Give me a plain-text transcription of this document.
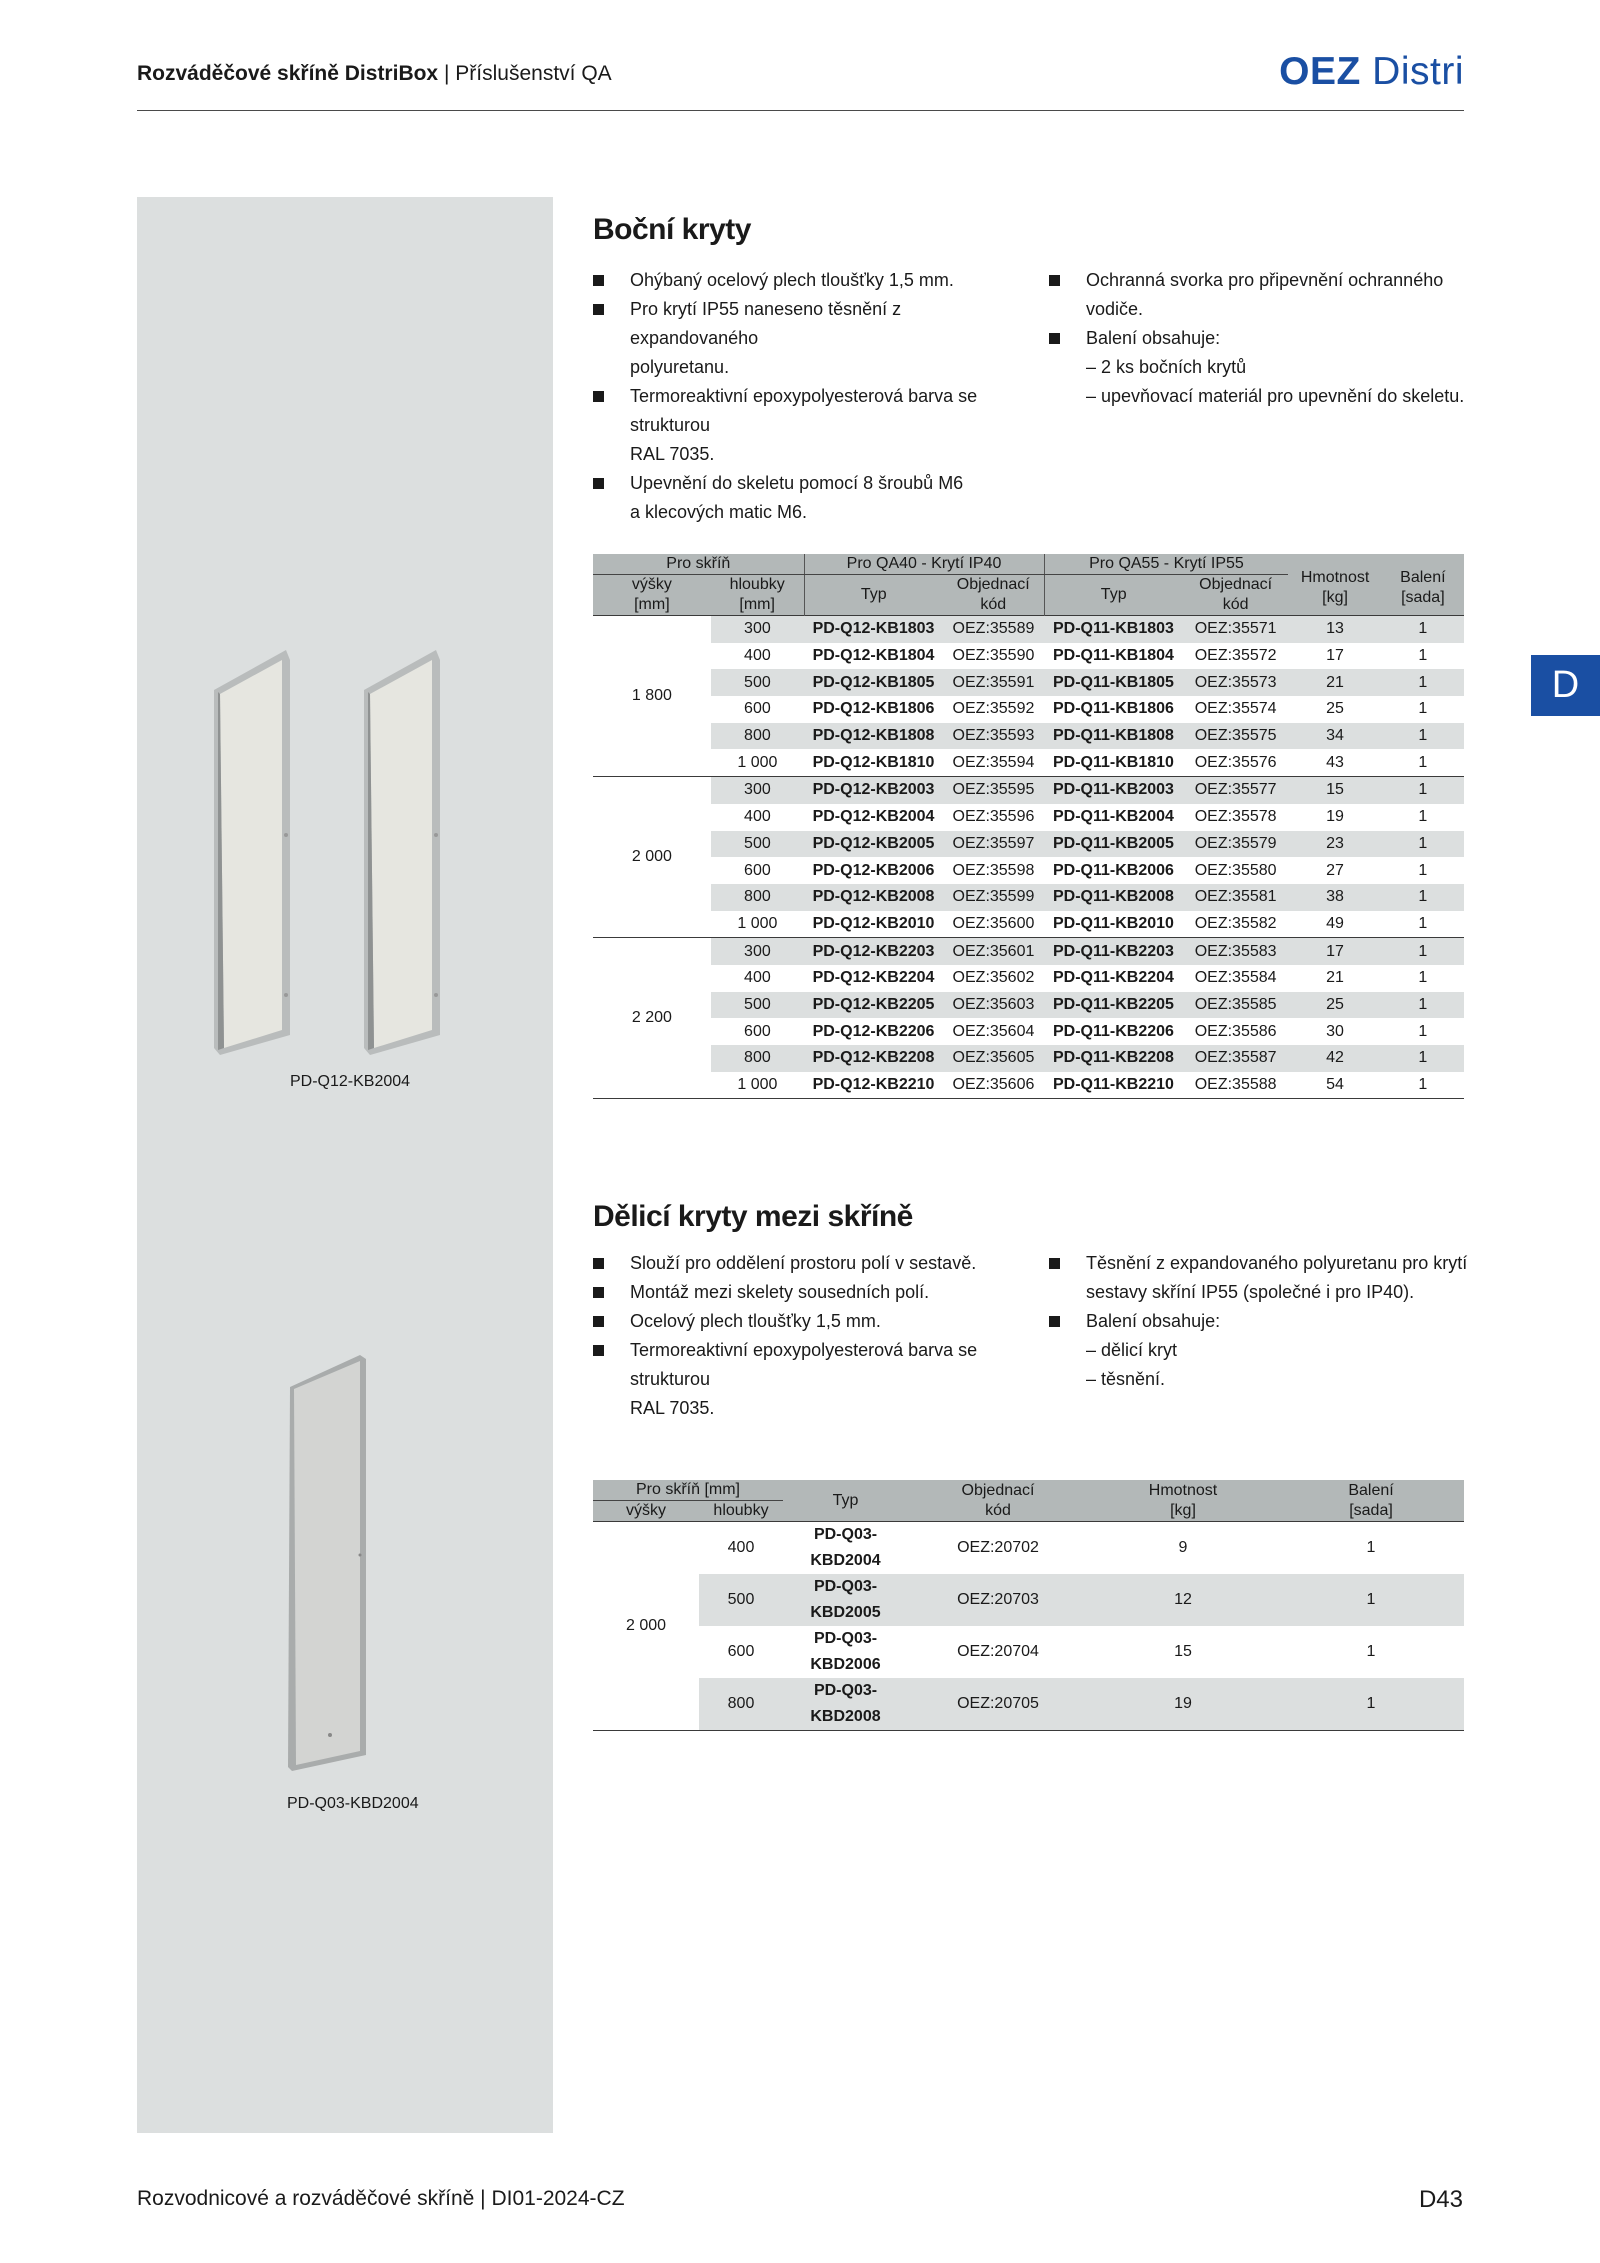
Rozváděčové skříně DistriBox | Příslušenství QA	OEZ Distri
PD-Q12-KB2004
PD-Q03-KBD2004
D
Boční kryty
Ohýbaný ocelový plech tloušťky 1,5 mm.
Pro krytí IP55 naneseno těsnění z expandovaného
polyuretanu.
Termoreaktivní epoxypolyesterová barva se strukturou
RAL 7035.
Upevnění do skeletu pomocí 8 šroubů M6
a klecových matic M6.
Ochranná svorka pro připevnění ochranného vodiče.
Balení obsahuje:
– 2 ks bočních krytů
– upevňovací materiál pro upevnění do skeletu.
Pro skříň		Pro QA40 - Krytí IP40		Pro QA55 - Krytí IP55		Hmotnost
[kg]	Balení
[sada]
výšky	hloubky	Typ	Objednací	Typ	Objednací		
[mm]	[mm]		kód		kód		
1 800	300	PD-Q12-KB1803	OEZ:35589	PD-Q11-KB1803	OEZ:35571	13	1
	400	PD-Q12-KB1804	OEZ:35590	PD-Q11-KB1804	OEZ:35572	17	1
	500	PD-Q12-KB1805	OEZ:35591	PD-Q11-KB1805	OEZ:35573	21	1
	600	PD-Q12-KB1806	OEZ:35592	PD-Q11-KB1806	OEZ:35574	25	1
	800	PD-Q12-KB1808	OEZ:35593	PD-Q11-KB1808	OEZ:35575	34	1
	1 000	PD-Q12-KB1810	OEZ:35594	PD-Q11-KB1810	OEZ:35576	43	1
2 000	300	PD-Q12-KB2003	OEZ:35595	PD-Q11-KB2003	OEZ:35577	15	1
	400	PD-Q12-KB2004	OEZ:35596	PD-Q11-KB2004	OEZ:35578	19	1
	500	PD-Q12-KB2005	OEZ:35597	PD-Q11-KB2005	OEZ:35579	23	1
	600	PD-Q12-KB2006	OEZ:35598	PD-Q11-KB2006	OEZ:35580	27	1
	800	PD-Q12-KB2008	OEZ:35599	PD-Q11-KB2008	OEZ:35581	38	1
	1 000	PD-Q12-KB2010	OEZ:35600	PD-Q11-KB2010	OEZ:35582	49	1
2 200	300	PD-Q12-KB2203	OEZ:35601	PD-Q11-KB2203	OEZ:35583	17	1
	400	PD-Q12-KB2204	OEZ:35602	PD-Q11-KB2204	OEZ:35584	21	1
	500	PD-Q12-KB2205	OEZ:35603	PD-Q11-KB2205	OEZ:35585	25	1
	600	PD-Q12-KB2206	OEZ:35604	PD-Q11-KB2206	OEZ:35586	30	1
	800	PD-Q12-KB2208	OEZ:35605	PD-Q11-KB2208	OEZ:35587	42	1
	1 000	PD-Q12-KB2210	OEZ:35606	PD-Q11-KB2210	OEZ:35588	54	1
Dělicí kryty mezi skříně
Slouží pro oddělení prostoru polí v sestavě.
Montáž mezi skelety sousedních polí.
Ocelový plech tloušťky 1,5 mm.
Termoreaktivní epoxypolyesterová barva se strukturou
RAL 7035.
Těsnění z expandovaného polyuretanu pro krytí
sestavy skříní IP55 (společné i pro IP40).
Balení obsahuje:
– dělicí kryt
– těsnění.
Pro skříň [mm]		Typ	Objednací
kód	Hmotnost
[kg]	Balení
[sada]
výšky	hloubky				
2 000	400	PD-Q03-KBD2004	OEZ:20702	9	1
	500	PD-Q03-KBD2005	OEZ:20703	12	1
	600	PD-Q03-KBD2006	OEZ:20704	15	1
	800	PD-Q03-KBD2008	OEZ:20705	19	1
Rozvodnicové a rozváděčové skříně | DI01-2024-CZ	D43
